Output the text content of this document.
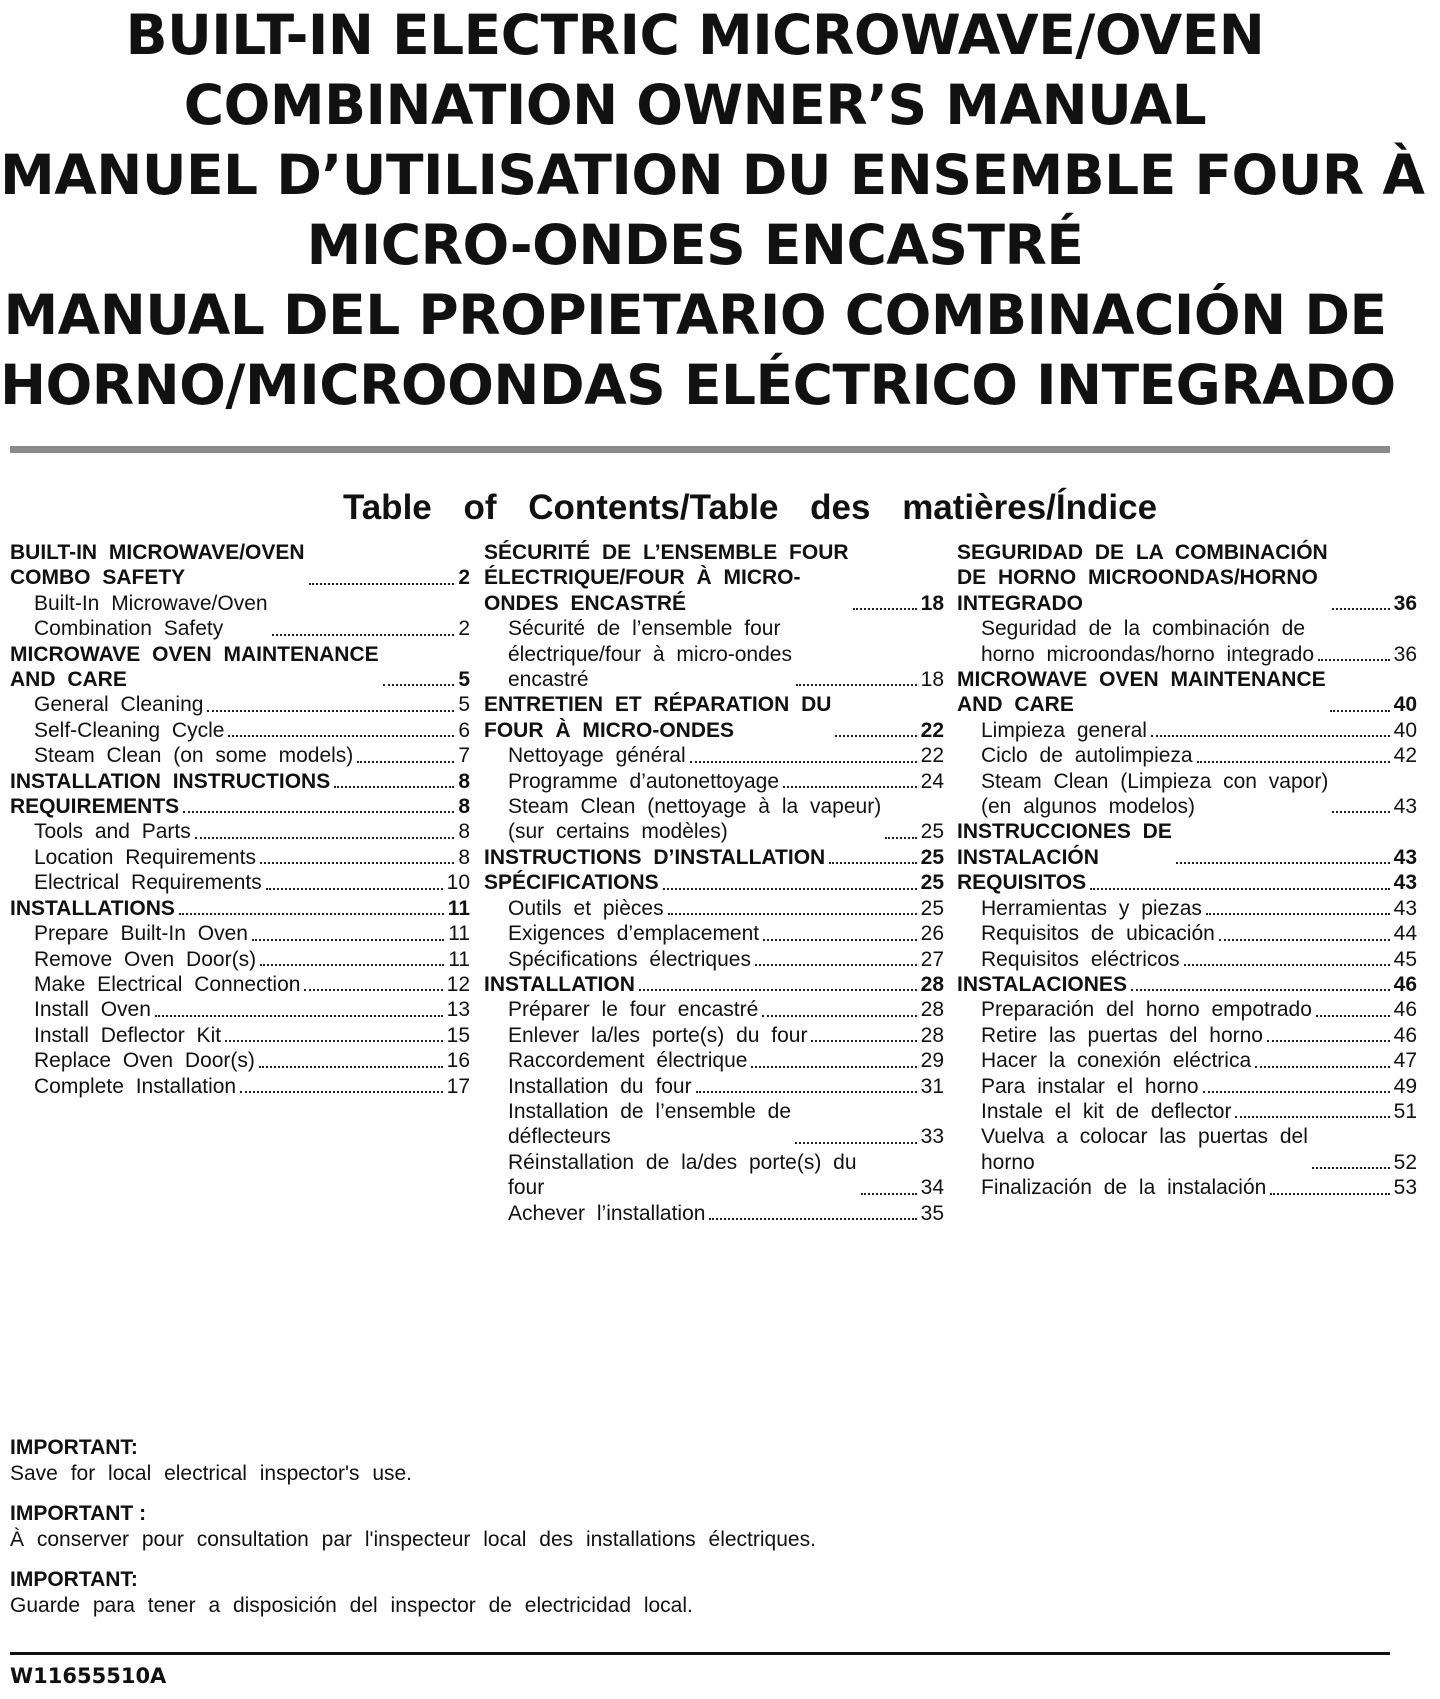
BUILT-IN ELECTRIC MICROWAVE/OVEN

COMBINATION OWNER’S MANUAL

MANUEL D’UTILISATION DU ENSEMBLE FOUR À

MICRO-ONDES ENCASTRÉ

MANUAL DEL PROPIETARIO COMBINACIÓN DE

HORNO/MICROONDAS ELÉCTRICO INTEGRADO

Table of Contents/Table des matières/Índice
BUILT-IN MICROWAVE/OVEN
COMBO SAFETY	2
Built-In Microwave/Oven
Combination Safety	2
MICROWAVE OVEN MAINTENANCE
AND CARE	5
General Cleaning	5
Self-Cleaning Cycle	6
Steam Clean (on some models)	7
INSTALLATION INSTRUCTIONS	8
REQUIREMENTS	8
Tools and Parts	8
Location Requirements	8
Electrical Requirements	10
INSTALLATIONS	11
Prepare Built-In Oven	11
Remove Oven Door(s)	11
Make Electrical Connection	12
Install Oven	13
Install Deflector Kit	15
Replace Oven Door(s)	16
Complete Installation	17
SÉCURITÉ DE L’ENSEMBLE FOUR
ÉLECTRIQUE/FOUR À MICRO-
ONDES ENCASTRÉ	18
Sécurité de l’ensemble four
électrique/four à micro-ondes
encastré	18
ENTRETIEN ET RÉPARATION DU
FOUR À MICRO-ONDES	22
Nettoyage général	22
Programme d’autonettoyage	24
Steam Clean (nettoyage à la vapeur)
(sur certains modèles)	25
INSTRUCTIONS D’INSTALLATION	25
SPÉCIFICATIONS	25
Outils et pièces	25
Exigences d’emplacement	26
Spécifications électriques	27
INSTALLATION	28
Préparer le four encastré	28
Enlever la/les porte(s) du four	28
Raccordement électrique	29
Installation du four	31
Installation de l’ensemble de
déflecteurs	33
Réinstallation de la/des porte(s) du
four	34
Achever l’installation	35
SEGURIDAD DE LA COMBINACIÓN
DE HORNO MICROONDAS/HORNO
INTEGRADO	36
Seguridad de la combinación de
horno microondas/horno integrado	36
MICROWAVE OVEN MAINTENANCE
AND CARE	40
Limpieza general	40
Ciclo de autolimpieza	42
Steam Clean (Limpieza con vapor)
(en algunos modelos)	43
INSTRUCCIONES DE
INSTALACIÓN	43
REQUISITOS	43
Herramientas y piezas	43
Requisitos de ubicación	44
Requisitos eléctricos	45
INSTALACIONES	46
Preparación del horno empotrado	46
Retire las puertas del horno	46
Hacer la conexión eléctrica	47
Para instalar el horno	49
Instale el kit de deflector	51
Vuelva a colocar las puertas del
horno	52
Finalización de la instalación	53
IMPORTANT:
Save for local electrical inspector's use.
IMPORTANT :
À conserver pour consultation par l'inspecteur local des installations électriques.
IMPORTANT:
Guarde para tener a disposición del inspector de electricidad local.
W11655510A
